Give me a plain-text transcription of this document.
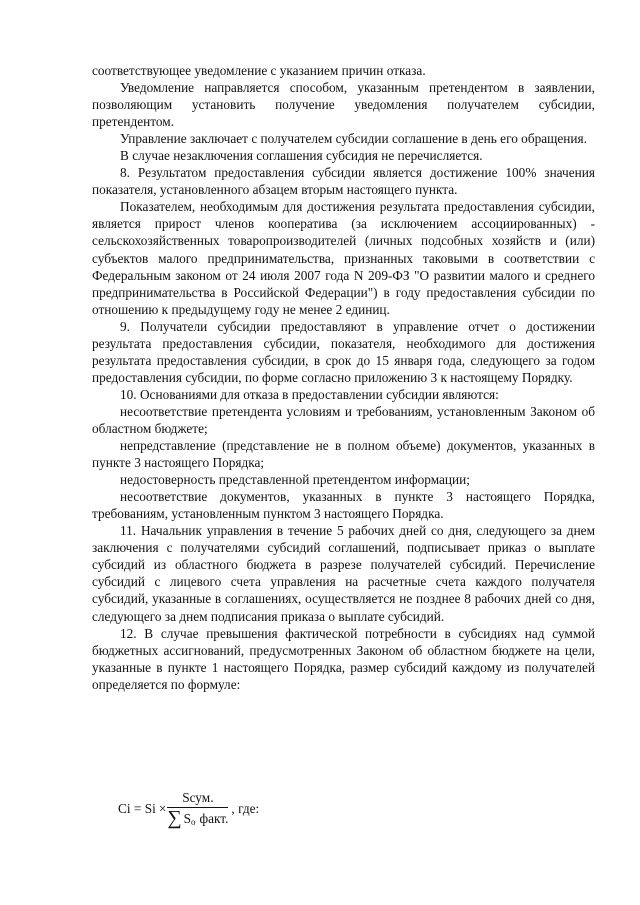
соответствующее уведомление с указанием причин отказа.

Уведомление направляется способом, указанным претендентом в заявлении, позволяющим установить получение уведомления получателем субсидии, претендентом.

Управление заключает с получателем субсидии соглашение в день его обращения.

В случае незаключения соглашения субсидия не перечисляется.

8. Результатом предоставления субсидии является достижение 100% значения показателя, установленного абзацем вторым настоящего пункта.

Показателем, необходимым для достижения результата предоставления субсидии, является прирост членов кооператива (за исключением ассоциированных) - сельскохозяйственных товаропроизводителей (личных подсобных хозяйств и (или) субъектов малого предпринимательства, признанных таковыми в соответствии с Федеральным законом от 24 июля 2007 года N 209-ФЗ "О развитии малого и среднего предпринимательства в Российской Федерации") в году предоставления субсидии по отношению к предыдущему году не менее 2 единиц.

9. Получатели субсидии предоставляют в управление отчет о достижении результата предоставления субсидии, показателя, необходимого для достижения результата предоставления субсидии, в срок до 15 января года, следующего за годом предоставления субсидии, по форме согласно приложению 3 к настоящему Порядку.

10. Основаниями для отказа в предоставлении субсидии являются:

несоответствие претендента условиям и требованиям, установленным Законом об областном бюджете;

непредставление (представление не в полном объеме) документов, указанных в пункте 3 настоящего Порядка;

недостоверность представленной претендентом информации;

несоответствие документов, указанных в пункте 3 настоящего Порядка, требованиям, установленным пунктом 3 настоящего Порядка.

11. Начальник управления в течение 5 рабочих дней со дня, следующего за днем заключения с получателями субсидий соглашений, подписывает приказ о выплате субсидий из областного бюджета в разрезе получателей субсидий. Перечисление субсидий с лицевого счета управления на расчетные счета каждого получателя субсидий, указанные в соглашениях, осуществляется не позднее 8 рабочих дней со дня, следующего за днем подписания приказа о выплате субсидий.

12. В случае превышения фактической потребности в субсидиях над суммой бюджетных ассигнований, предусмотренных Законом об областном бюджете на цели, указанные в пункте 1 настоящего Порядка, размер субсидий каждому из получателей определяется по формуле:

$Ci = Si \times \frac{\text{Sсум.}}{\text{∑ S o факт.}}$ , где:
